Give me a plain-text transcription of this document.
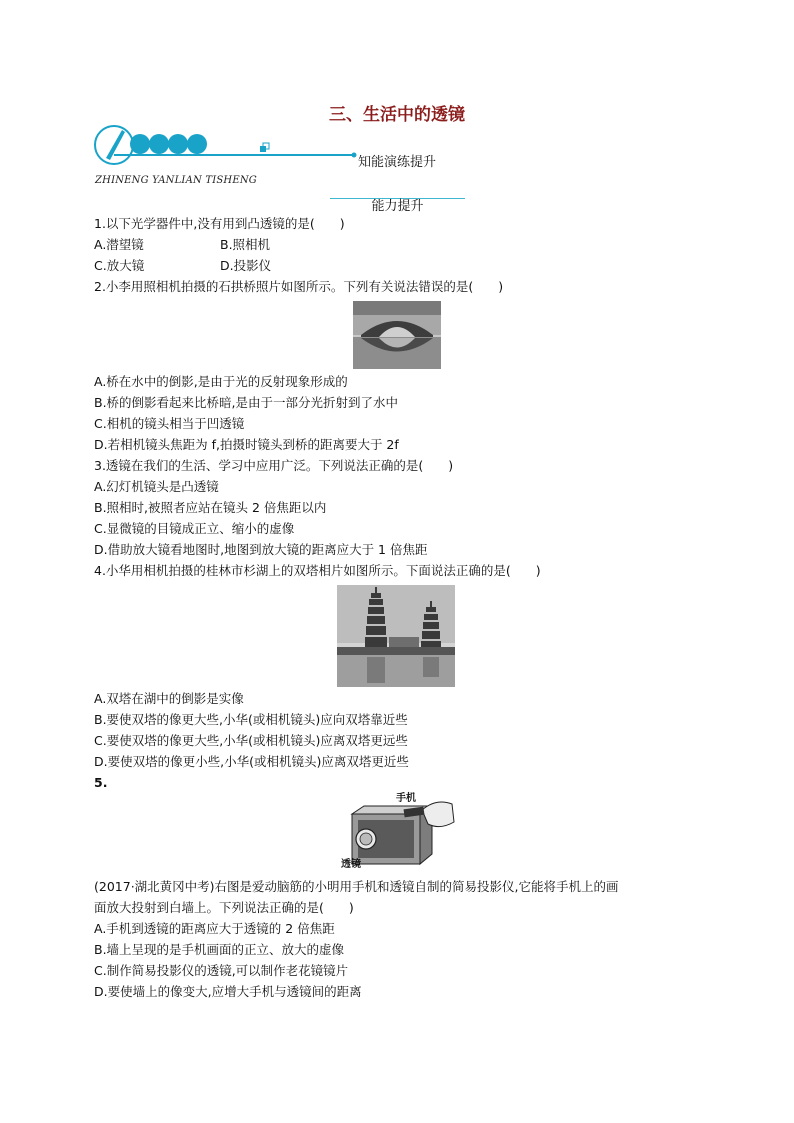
三、生活中的透镜
知能演练提升
ZHINENG YANLIAN TISHENG
能力提升
1.以下光学器件中,没有用到凸透镜的是(　　)
A.潜望镜	B.照相机
C.放大镜	D.投影仪
2.小李用照相机拍摄的石拱桥照片如图所示。下列有关说法错误的是(　　)
A.桥在水中的倒影,是由于光的反射现象形成的
B.桥的倒影看起来比桥暗,是由于一部分光折射到了水中
C.相机的镜头相当于凹透镜
D.若相机镜头焦距为 f,拍摄时镜头到桥的距离要大于 2f
3.透镜在我们的生活、学习中应用广泛。下列说法正确的是(　　)
A.幻灯机镜头是凸透镜
B.照相时,被照者应站在镜头 2 倍焦距以内
C.显微镜的目镜成正立、缩小的虚像
D.借助放大镜看地图时,地图到放大镜的距离应大于 1 倍焦距
4.小华用相机拍摄的桂林市杉湖上的双塔相片如图所示。下面说法正确的是(　　)
A.双塔在湖中的倒影是实像
B.要使双塔的像更大些,小华(或相机镜头)应向双塔靠近些
C.要使双塔的像更大些,小华(或相机镜头)应离双塔更远些
D.要使双塔的像更小些,小华(或相机镜头)应离双塔更近些
5.
手机
透镜
(2017·湖北黄冈中考)右图是爱动脑筋的小明用手机和透镜自制的简易投影仪,它能将手机上的画
面放大投射到白墙上。下列说法正确的是(　　)
A.手机到透镜的距离应大于透镜的 2 倍焦距
B.墙上呈现的是手机画面的正立、放大的虚像
C.制作简易投影仪的透镜,可以制作老花镜镜片
D.要使墙上的像变大,应增大手机与透镜间的距离
